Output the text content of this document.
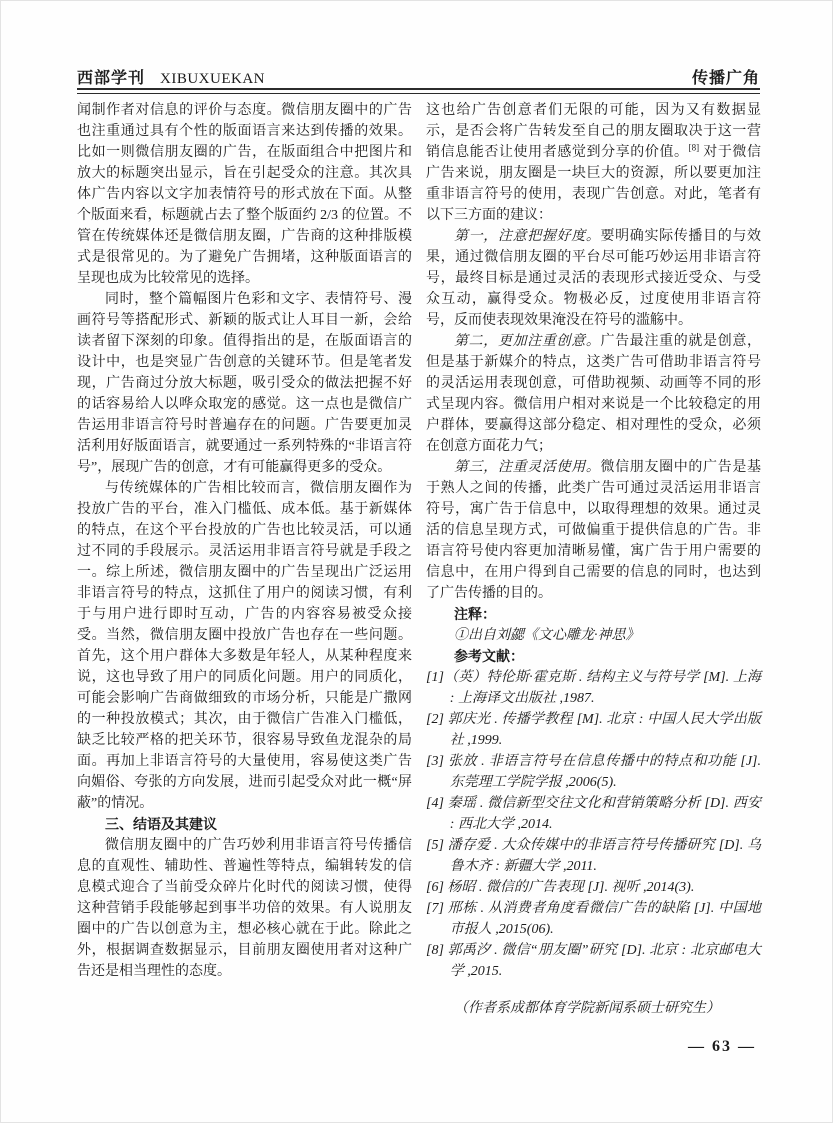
西部学刊 XIBUXUEKAN	传播广角

闻制作者对信息的评价与态度。微信朋友圈中的广告也注重通过具有个性的版面语言来达到传播的效果。比如一则微信朋友圈的广告，在版面组合中把图片和放大的标题突出显示，旨在引起受众的注意。其次具体广告内容以文字加表情符号的形式放在下面。从整个版面来看，标题就占去了整个版面约 2/3 的位置。不管在传统媒体还是微信朋友圈，广告商的这种排版模式是很常见的。为了避免广告拥堵，这种版面语言的呈现也成为比较常见的选择。

同时，整个篇幅图片色彩和文字、表情符号、漫画符号等搭配形式、新颖的版式让人耳目一新，会给读者留下深刻的印象。值得指出的是，在版面语言的设计中，也是突显广告创意的关键环节。但是笔者发现，广告商过分放大标题，吸引受众的做法把握不好的话容易给人以哗众取宠的感觉。这一点也是微信广告运用非语言符号时普遍存在的问题。广告要更加灵活利用好版面语言，就要通过一系列特殊的“非语言符号”，展现广告的创意，才有可能赢得更多的受众。

与传统媒体的广告相比较而言，微信朋友圈作为投放广告的平台，准入门槛低、成本低。基于新媒体的特点，在这个平台投放的广告也比较灵活，可以通过不同的手段展示。灵活运用非语言符号就是手段之一。综上所述，微信朋友圈中的广告呈现出广泛运用非语言符号的特点，这抓住了用户的阅读习惯，有利于与用户进行即时互动，广告的内容容易被受众接受。当然，微信朋友圈中投放广告也存在一些问题。首先，这个用户群体大多数是年轻人，从某种程度来说，这也导致了用户的同质化问题。用户的同质化，可能会影响广告商做细致的市场分析，只能是广撒网的一种投放模式；其次，由于微信广告准入门槛低，缺乏比较严格的把关环节，很容易导致鱼龙混杂的局面。再加上非语言符号的大量使用，容易使这类广告向媚俗、夸张的方向发展，进而引起受众对此一概“屏蔽”的情况。

三、结语及其建议

微信朋友圈中的广告巧妙利用非语言符号传播信息的直观性、辅助性、普遍性等特点，编辑转发的信息模式迎合了当前受众碎片化时代的阅读习惯，使得这种营销手段能够起到事半功倍的效果。有人说朋友圈中的广告以创意为主，想必核心就在于此。除此之外，根据调查数据显示，目前朋友圈使用者对这种广告还是相当理性的态度。

这也给广告创意者们无限的可能，因为又有数据显示，是否会将广告转发至自己的朋友圈取决于这一营销信息能否让使用者感觉到分享的价值。[8] 对于微信广告来说，朋友圈是一块巨大的资源，所以要更加注重非语言符号的使用，表现广告创意。对此，笔者有以下三方面的建议：

第一，注意把握好度。要明确实际传播目的与效果，通过微信朋友圈的平台尽可能巧妙运用非语言符号，最终目标是通过灵活的表现形式接近受众、与受众互动，赢得受众。物极必反，过度使用非语言符号，反而使表现效果淹没在符号的滥觞中。

第二，更加注重创意。广告最注重的就是创意，但是基于新媒介的特点，这类广告可借助非语言符号的灵活运用表现创意，可借助视频、动画等不同的形式呈现内容。微信用户相对来说是一个比较稳定的用户群体，要赢得这部分稳定、相对理性的受众，必须在创意方面花力气；

第三，注重灵活使用。微信朋友圈中的广告是基于熟人之间的传播，此类广告可通过灵活运用非语言符号，寓广告于信息中，以取得理想的效果。通过灵活的信息呈现方式，可做偏重于提供信息的广告。非语言符号使内容更加清晰易懂，寓广告于用户需要的信息中，在用户得到自己需要的信息的同时，也达到了广告传播的目的。

注释：

①出自刘勰《文心雕龙·神思》

参考文献：

[1]（英）特伦斯·霍克斯 . 结构主义与符号学 [M]. 上海 : 上海译文出版社 ,1987.

[2] 郭庆光 . 传播学教程 [M]. 北京 : 中国人民大学出版社 ,1999.

[3] 张放 . 非语言符号在信息传播中的特点和功能 [J]. 东莞理工学院学报 ,2006(5).

[4] 秦瑶 . 微信新型交往文化和营销策略分析 [D]. 西安 : 西北大学 ,2014.

[5] 潘存爱 . 大众传媒中的非语言符号传播研究 [D]. 乌鲁木齐 : 新疆大学 ,2011.

[6] 杨昭 . 微信的广告表现 [J]. 视听 ,2014(3).

[7] 邢栋 . 从消费者角度看微信广告的缺陷 [J]. 中国地市报人 ,2015(06).

[8] 郭禹汐 . 微信“朋友圈”研究 [D]. 北京 : 北京邮电大学 ,2015.

（作者系成都体育学院新闻系硕士研究生）

— 63 —
